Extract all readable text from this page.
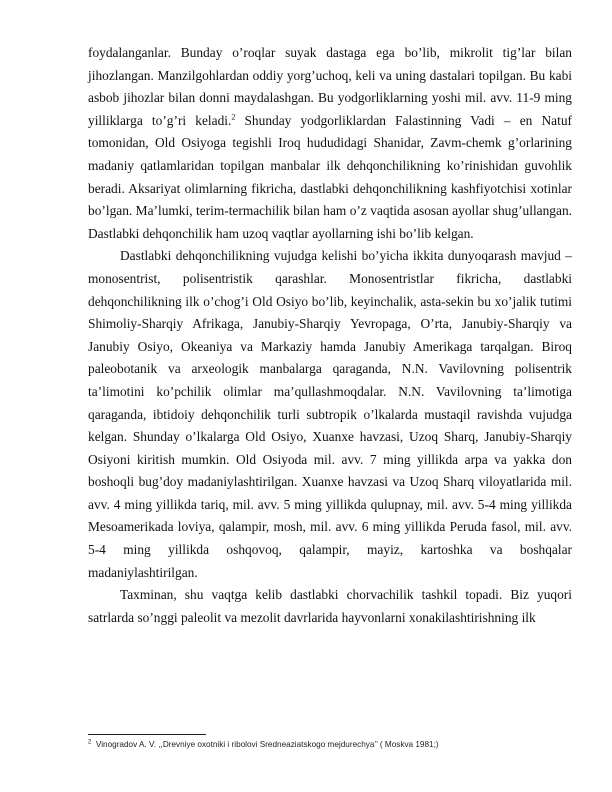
foydalanganlar. Bunday o’roqlar suyak dastaga ega bo’lib, mikrolit tig’lar bilan jihozlangan. Manzilgohlardan oddiy yorg’uchoq, keli va uning dastalari topilgan. Bu kabi asbob jihozlar bilan donni maydalashgan. Bu yodgorliklarning yoshi mil. avv. 11-9 ming yilliklarga to’g’ri keladi.$^2$ Shunday yodgorliklardan Falastinning Vadi – en Natuf tomonidan, Old Osiyoga tegishli Iroq hududidagi Shanidar, Zavm-chemk g’orlarining madaniy qatlamlaridan topilgan manbalar ilk dehqonchilikning ko’rinishidan guvohlik beradi. Aksariyat olimlarning fikricha, dastlabki dehqonchilikning kashfiyotchisi xotinlar bo’lgan. Ma’lumki, terim-termachilik bilan ham o’z vaqtida asosan ayollar shug’ullangan. Dastlabki dehqonchilik ham uzoq vaqtlar ayollarning ishi bo’lib kelgan.

Dastlabki dehqonchilikning vujudga kelishi bo’yicha ikkita dunyoqarash mavjud – monosentrist, polisentristik qarashlar. Monosentristlar fikricha, dastlabki dehqonchilikning ilk o’chog’i Old Osiyo bo’lib, keyinchalik, asta-sekin bu xo’jalik tutimi Shimoliy-Sharqiy Afrikaga, Janubiy-Sharqiy Yevropaga, O’rta, Janubiy-Sharqiy va Janubiy Osiyo, Okeaniya va Markaziy hamda Janubiy Amerikaga tarqalgan. Biroq paleobotanik va arxeologik manbalarga qaraganda, N.N. Vavilovning polisentrik ta’limotini ko’pchilik olimlar ma’qullashmoqdalar. N.N. Vavilovning ta’limotiga qaraganda, ibtidoiy dehqonchilik turli subtropik o’lkalarda mustaqil ravishda vujudga kelgan. Shunday o’lkalarga Old Osiyo, Xuanxe havzasi, Uzoq Sharq, Janubiy-Sharqiy Osiyoni kiritish mumkin. Old Osiyoda mil. avv. 7 ming yillikda arpa va yakka don boshoqli bug’doy madaniylashtirilgan. Xuanxe havzasi va Uzoq Sharq viloyatlarida mil. avv. 4 ming yillikda tariq, mil. avv. 5 ming yillikda qulupnay, mil. avv. 5-4 ming yillikda Mesoamerikada loviya, qalampir, mosh, mil. avv. 6 ming yillikda Peruda fasol, mil. avv. 5-4 ming yillikda oshqovoq, qalampir, mayiz, kartoshka va boshqalar madaniylashtirilgan.

Taxminan, shu vaqtga kelib dastlabki chorvachilik tashkil topadi. Biz yuqori satrlarda so’nggi paleolit va mezolit davrlarida hayvonlarni xonakilashtirishning ilk

$^2$ Vinogradov A. V. ,,Drevniye oxotniki i ribolovi Sredneaziatskogo mejdurechya’’ ( Moskva 1981;)
